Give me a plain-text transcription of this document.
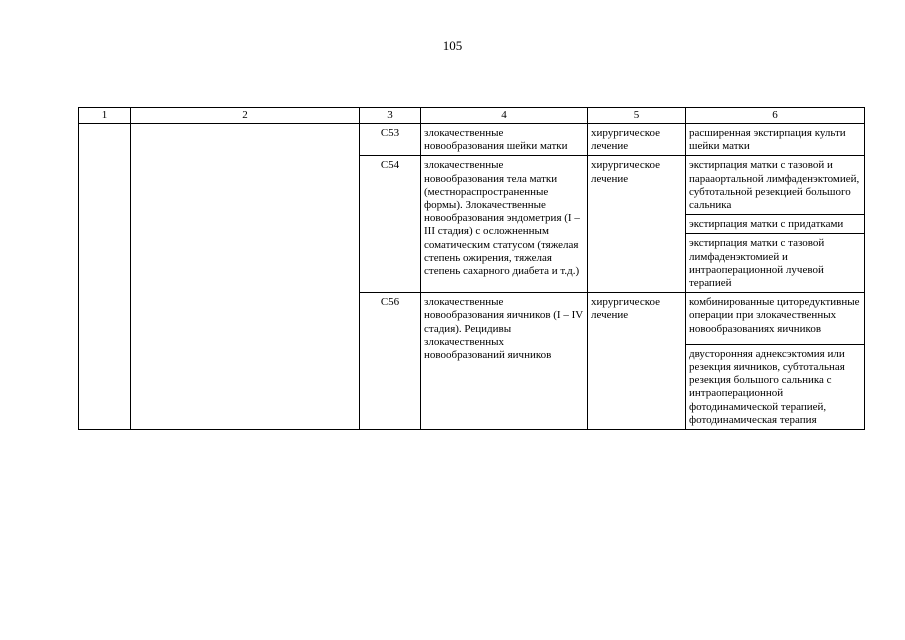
105
1	2	3	4	5	6
		C53	злокачественные новообразования шейки матки	хирургическое лечение	расширенная экстирпация культи шейки матки
		C54	злокачественные новообразования тела матки (местнораспространенные формы). Злокачественные новообразования эндометрия (I – III стадия) с осложненным соматическим статусом (тяжелая степень ожирения, тяжелая степень сахарного диабета и т.д.)	хирургическое лечение	экстирпация матки с тазовой и парааортальной лимфаденэктомией, субтотальной резекцией большого сальника
					экстирпация матки с придатками
					экстирпация матки с тазовой лимфаденэктомией и интраоперационной лучевой терапией
		C56	злокачественные новообразования яичников (I – IV стадия). Рецидивы злокачественных новообразований яичников	хирургическое лечение	комбинированные циторедуктивные операции при злокачественных новообразованиях яичников
					двусторонняя аднексэктомия или резекция яичников, субтотальная резекция большого сальника с интраоперационной фотодинамической терапией, фотодинамическая терапия
